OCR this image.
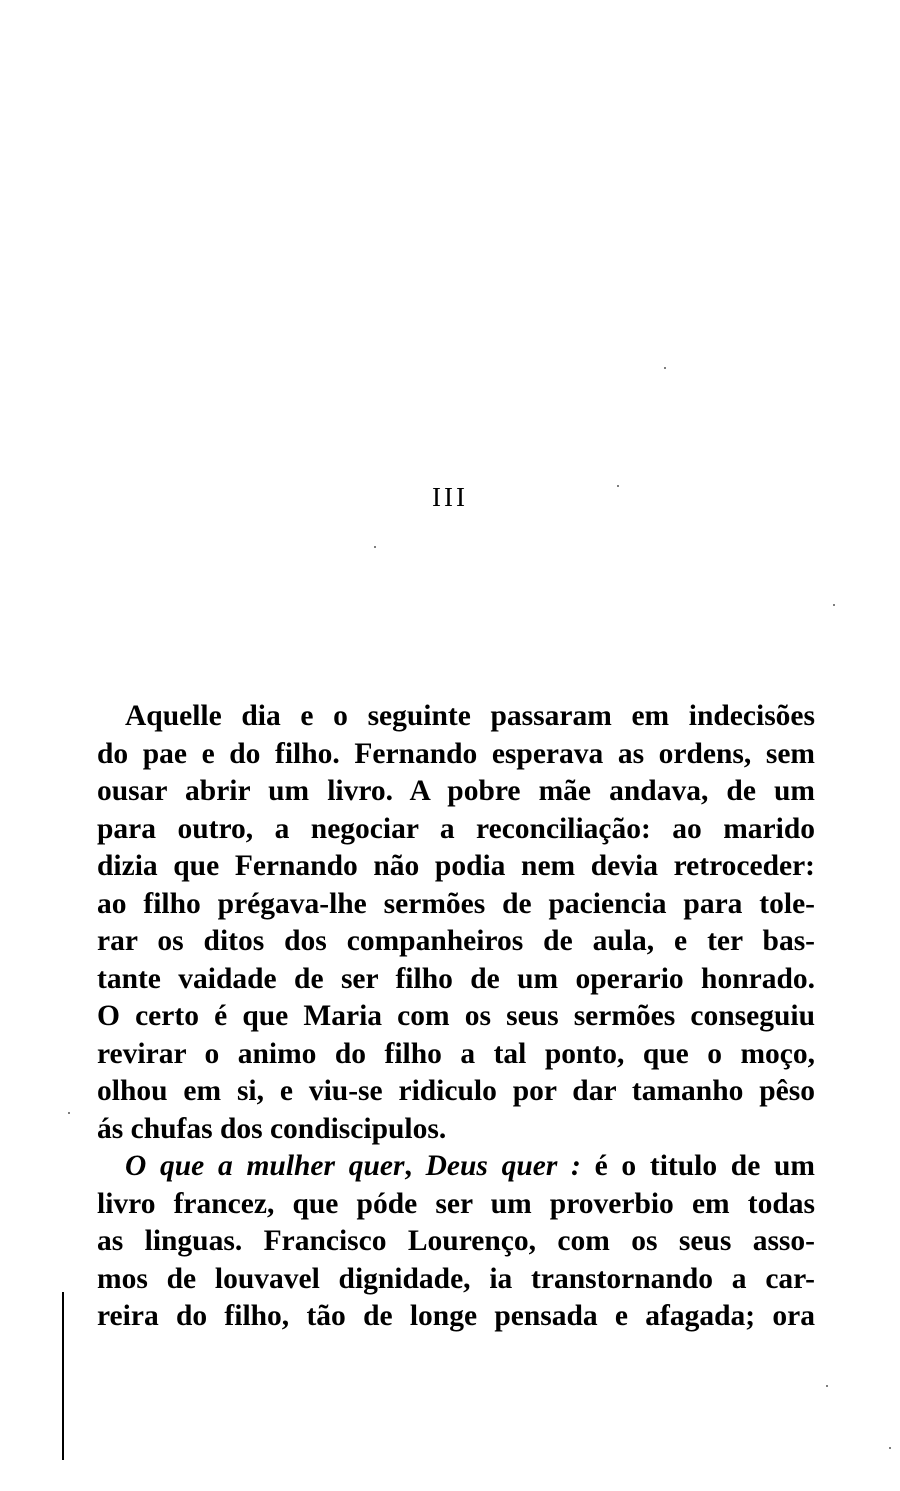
III
Aquelle dia e o seguinte passaram em indecisões
do pae e do filho. Fernando esperava as ordens, sem
ousar abrir um livro. A pobre mãe andava, de um
para outro, a negociar a reconciliação: ao marido
dizia que Fernando não podia nem devia retroceder:
ao filho prégava-lhe sermões de paciencia para tole-
rar os ditos dos companheiros de aula, e ter bas-
tante vaidade de ser filho de um operario honrado.
O certo é que Maria com os seus sermões conseguiu
revirar o animo do filho a tal ponto, que o moço,
olhou em si, e viu-se ridiculo por dar tamanho pêso
ás chufas dos condiscipulos.
O que a mulher quer, Deus quer : é o titulo de um
livro francez, que póde ser um proverbio em todas
as linguas. Francisco Lourenço, com os seus asso-
mos de louvavel dignidade, ia transtornando a car-
reira do filho, tão de longe pensada e afagada; ora
